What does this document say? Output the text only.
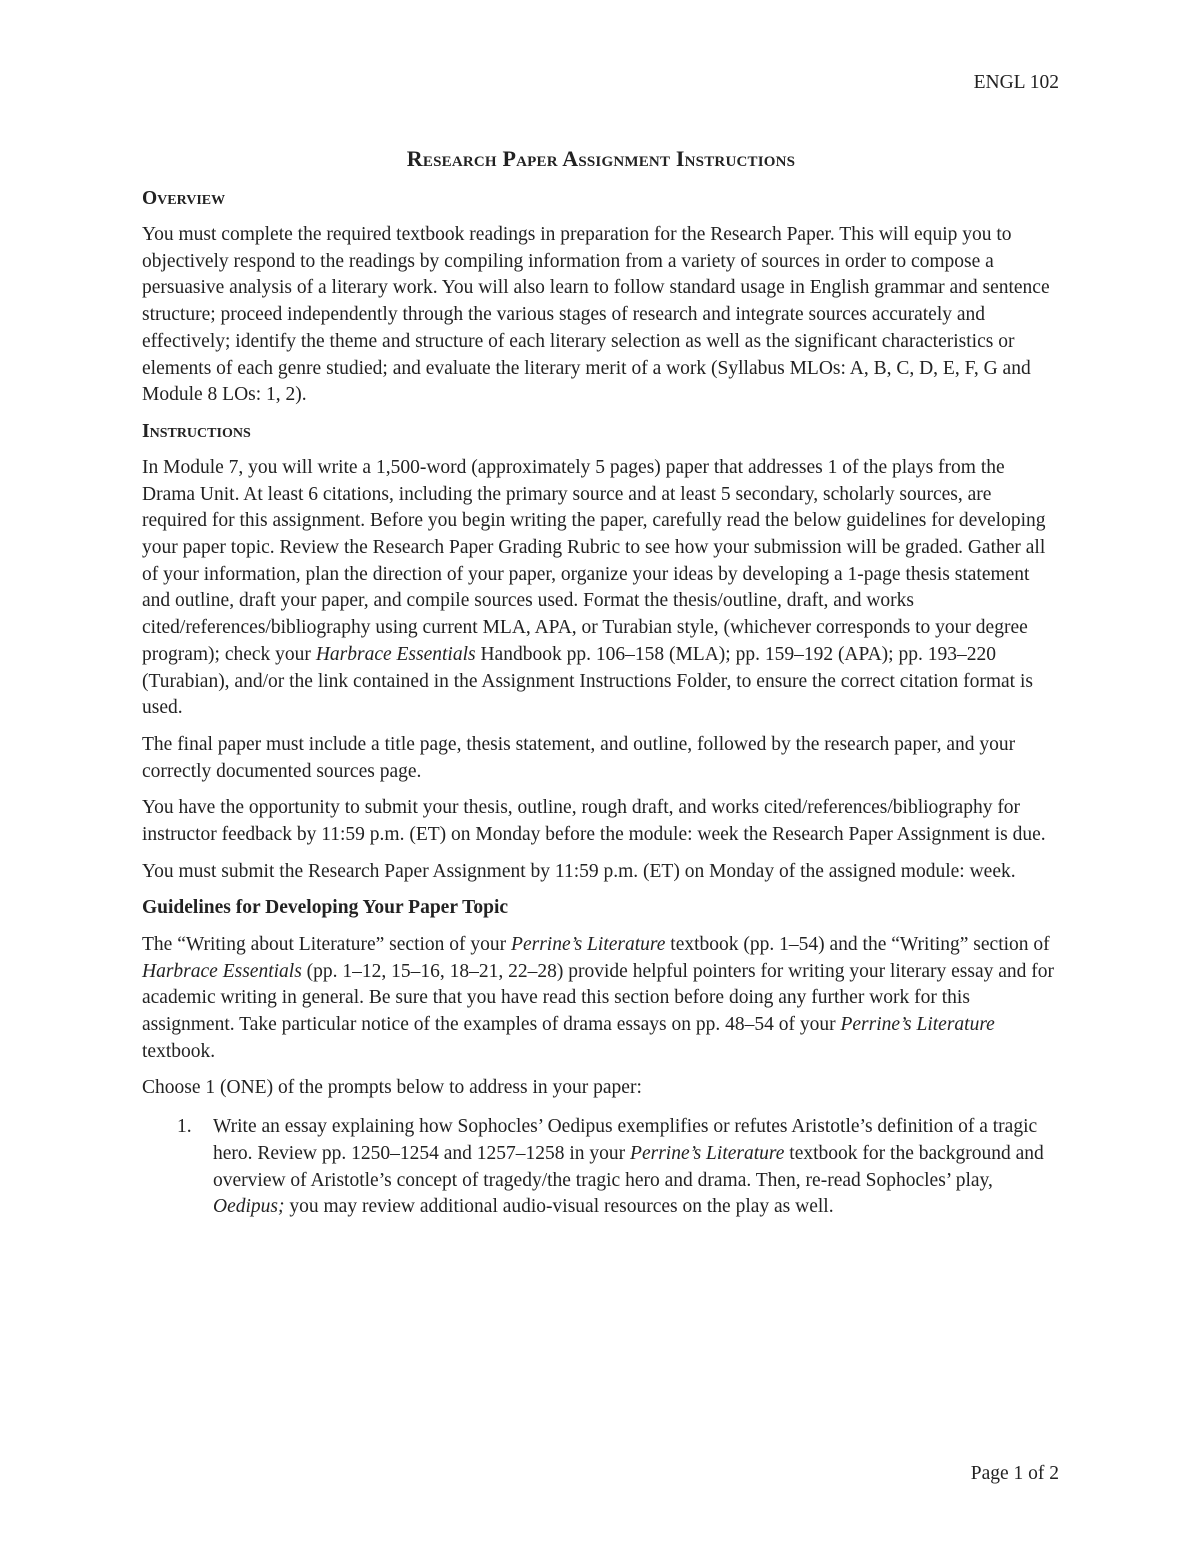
ENGL 102
Research Paper Assignment Instructions
Overview

You must complete the required textbook readings in preparation for the Research Paper. This will equip you to objectively respond to the readings by compiling information from a variety of sources in order to compose a persuasive analysis of a literary work. You will also learn to follow standard usage in English grammar and sentence structure; proceed independently through the various stages of research and integrate sources accurately and effectively; identify the theme and structure of each literary selection as well as the significant characteristics or elements of each genre studied; and evaluate the literary merit of a work (Syllabus MLOs: A, B, C, D, E, F, G and Module 8 LOs: 1, 2).

Instructions

In Module 7, you will write a 1,500-word (approximately 5 pages) paper that addresses 1 of the plays from the Drama Unit. At least 6 citations, including the primary source and at least 5 secondary, scholarly sources, are required for this assignment. Before you begin writing the paper, carefully read the below guidelines for developing your paper topic. Review the Research Paper Grading Rubric to see how your submission will be graded. Gather all of your information, plan the direction of your paper, organize your ideas by developing a 1-page thesis statement and outline, draft your paper, and compile sources used. Format the thesis/outline, draft, and works cited/references/bibliography using current MLA, APA, or Turabian style, (whichever corresponds to your degree program); check your Harbrace Essentials Handbook pp. 106–158 (MLA); pp. 159–192 (APA); pp. 193–220 (Turabian), and/or the link contained in the Assignment Instructions Folder, to ensure the correct citation format is used.

The final paper must include a title page, thesis statement, and outline, followed by the research paper, and your correctly documented sources page.

You have the opportunity to submit your thesis, outline, rough draft, and works cited/references/bibliography for instructor feedback by 11:59 p.m. (ET) on Monday before the module: week the Research Paper Assignment is due.

You must submit the Research Paper Assignment by 11:59 p.m. (ET) on Monday of the assigned module: week.

Guidelines for Developing Your Paper Topic

The “Writing about Literature” section of your Perrine’s Literature textbook (pp. 1–54) and the “Writing” section of Harbrace Essentials (pp. 1–12, 15–16, 18–21, 22–28) provide helpful pointers for writing your literary essay and for academic writing in general. Be sure that you have read this section before doing any further work for this assignment. Take particular notice of the examples of drama essays on pp. 48–54 of your Perrine’s Literature textbook.

Choose 1 (ONE) of the prompts below to address in your paper:

1. Write an essay explaining how Sophocles’ Oedipus exemplifies or refutes Aristotle’s definition of a tragic hero. Review pp. 1250–1254 and 1257–1258 in your Perrine’s Literature textbook for the background and overview of Aristotle’s concept of tragedy/the tragic hero and drama. Then, re-read Sophocles’ play, Oedipus; you may review additional audio-visual resources on the play as well.
Page 1 of 2
